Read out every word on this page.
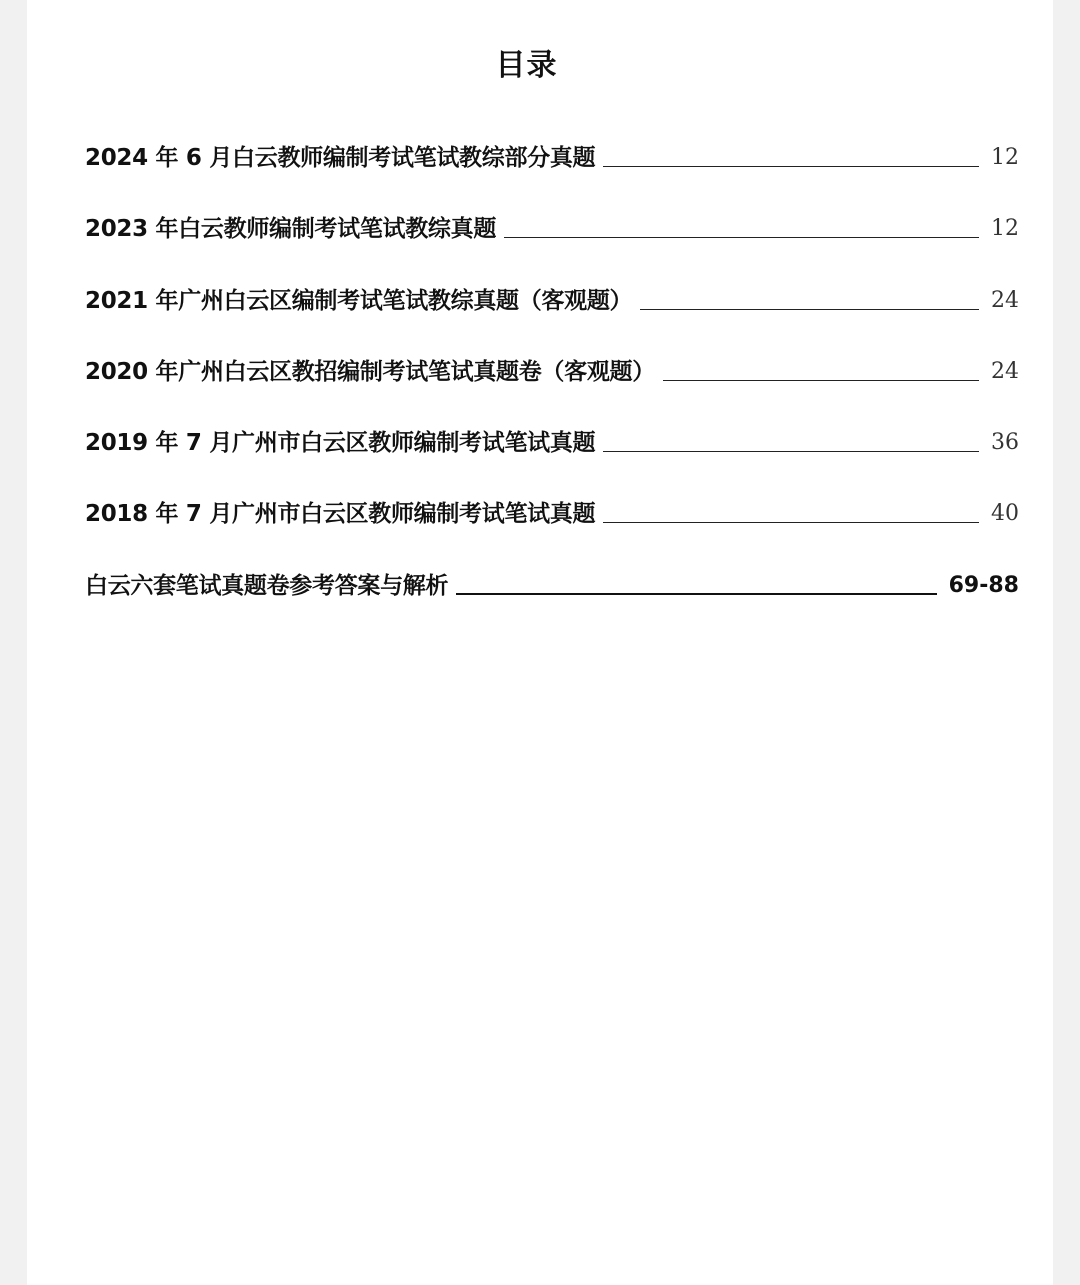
目录
2024 年 6 月白云教师编制考试笔试教综部分真题	12
2023 年白云教师编制考试笔试教综真题	12
2021 年广州白云区编制考试笔试教综真题（客观题）	24
2020 年广州白云区教招编制考试笔试真题卷（客观题）	24
2019 年 7 月广州市白云区教师编制考试笔试真题	36
2018 年 7 月广州市白云区教师编制考试笔试真题	40
白云六套笔试真题卷参考答案与解析	69-88
